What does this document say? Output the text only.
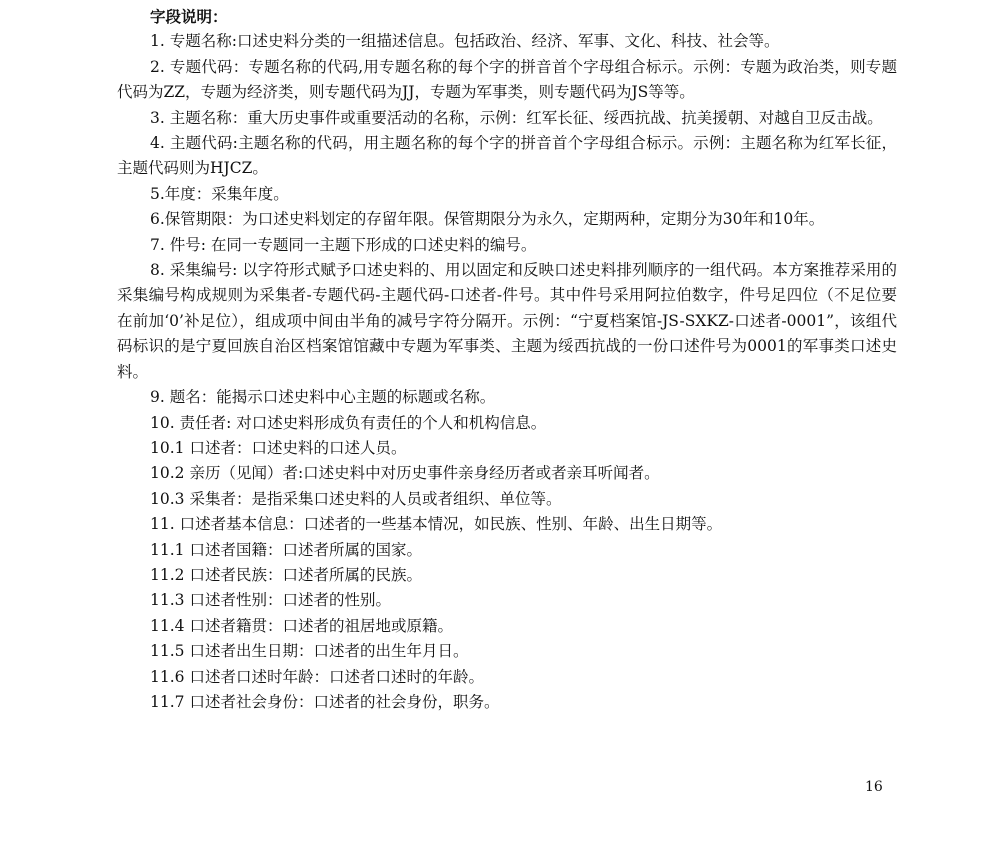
字段说明：

1. 专题名称:口述史料分类的一组描述信息。包括政治、经济、军事、文化、科技、社会等。

2. 专题代码：专题名称的代码,用专题名称的每个字的拼音首个字母组合标示。示例：专题为政治类，则专题代码为ZZ，专题为经济类，则专题代码为JJ，专题为军事类，则专题代码为JS等等。

3. 主题名称：重大历史事件或重要活动的名称，示例：红军长征、绥西抗战、抗美援朝、对越自卫反击战。

4. 主题代码:主题名称的代码，用主题名称的每个字的拼音首个字母组合标示。示例：主题名称为红军长征，主题代码则为HJCZ。

5.年度：采集年度。

6.保管期限：为口述史料划定的存留年限。保管期限分为永久，定期两种，定期分为30年和10年。

7. 件号: 在同一专题同一主题下形成的口述史料的编号。

8. 采集编号: 以字符形式赋予口述史料的、用以固定和反映口述史料排列顺序的一组代码。本方案推荐采用的采集编号构成规则为采集者-专题代码-主题代码-口述者-件号。其中件号采用阿拉伯数字，件号足四位（不足位要在前加‘0’补足位），组成项中间由半角的减号字符分隔开。示例：“宁夏档案馆-JS-SXKZ-口述者-0001”，该组代码标识的是宁夏回族自治区档案馆馆藏中专题为军事类、主题为绥西抗战的一份口述件号为0001的军事类口述史料。

9. 题名：能揭示口述史料中心主题的标题或名称。

10. 责任者: 对口述史料形成负有责任的个人和机构信息。

10.1 口述者：口述史料的口述人员。

10.2 亲历（见闻）者:口述史料中对历史事件亲身经历者或者亲耳听闻者。

10.3 采集者：是指采集口述史料的人员或者组织、单位等。

11. 口述者基本信息：口述者的一些基本情况，如民族、性别、年龄、出生日期等。

11.1 口述者国籍：口述者所属的国家。

11.2 口述者民族：口述者所属的民族。

11.3 口述者性别：口述者的性别。

11.4 口述者籍贯：口述者的祖居地或原籍。

11.5 口述者出生日期：口述者的出生年月日。

11.6 口述者口述时年龄：口述者口述时的年龄。

11.7 口述者社会身份：口述者的社会身份，职务。

16
